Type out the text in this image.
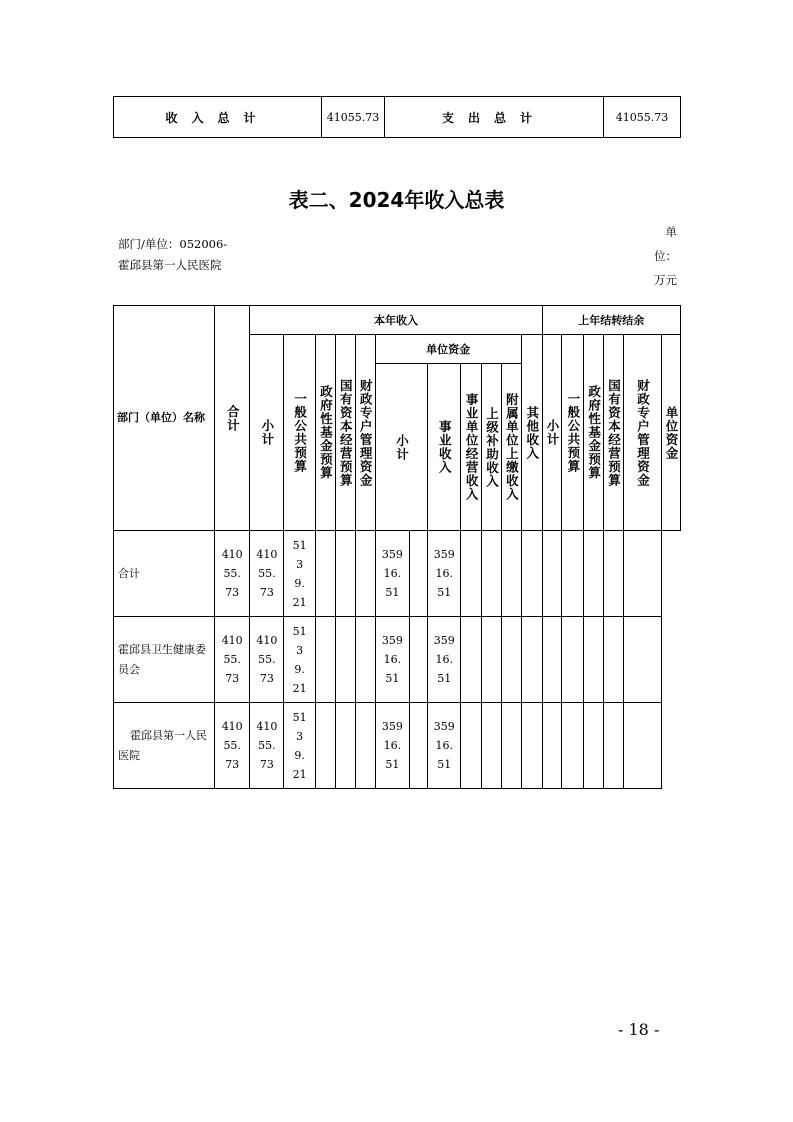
收入总计	41055.73	支出总计	41055.73
表二、2024年收入总表
部门/单位：052006-霍邱县第一人民医院
单位：万元
部门（单位）名称	合计	本年收入												上年结转结余					

		小计	一般公共预算	政府性基金预算	国有资本经营预算	财政专户管理资金	单位资金						其他收入	小计	一般公共预算	政府性基金预算	国有资本经营预算	财政专户管理资金	单位资金

							小计		事业收入	事业单位经营收入	上级补助收入	附属单位上缴收入							

合计	41055.73	41055.73	5139.21				35916.51		35916.51										

霍邱县卫生健康委员会	41055.73	41055.73	5139.21				35916.51		35916.51										

霍邱县第一人民医院	41055.73	41055.73	5139.21				35916.51		35916.51										

- 18 -
